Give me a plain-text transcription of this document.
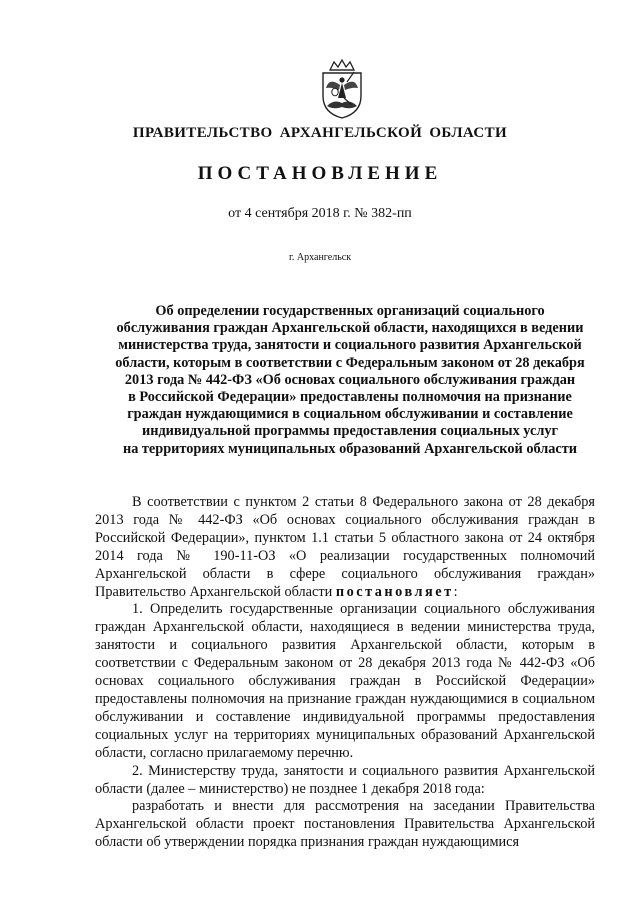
ПРАВИТЕЛЬСТВО АРХАНГЕЛЬСКОЙ ОБЛАСТИ
ПОСТАНОВЛЕНИЕ
от 4 сентября 2018 г. № 382-пп
г. Архангельск
Об определении государственных организаций социального
обслуживания граждан Архангельской области, находящихся в ведении
министерства труда, занятости и социального развития Архангельской
области, которым в соответствии с Федеральным законом от 28 декабря
2013 года № 442-ФЗ «Об основах социального обслуживания граждан
в Российской Федерации» предоставлены полномочия на признание
граждан нуждающимися в социальном обслуживании и составление
индивидуальной программы предоставления социальных услуг
на территориях муниципальных образований Архангельской области

В соответствии с пунктом 2 статьи 8 Федерального закона от 28 декабря 2013 года № 442-ФЗ «Об основах социального обслуживания граждан в Российской Федерации», пунктом 1.1 статьи 5 областного закона от 24 октября 2014 года № 190-11-ОЗ «О реализации государственных полномочий Архангельской области в сфере социального обслуживания граждан» Правительство Архангельской области постановляет:

1. Определить государственные организации социального обслуживания граждан Архангельской области, находящиеся в ведении министерства труда, занятости и социального развития Архангельской области, которым в соответствии с Федеральным законом от 28 декабря 2013 года № 442-ФЗ «Об основах социального обслуживания граждан в Российской Федерации» предоставлены полномочия на признание граждан нуждающимися в социальном обслуживании и составление индивидуальной программы предоставления социальных услуг на территориях муниципальных образований Архангельской области, согласно прилагаемому перечню.

2. Министерству труда, занятости и социального развития Архангельской области (далее – министерство) не позднее 1 декабря 2018 года:

разработать и внести для рассмотрения на заседании Правительства Архангельской области проект постановления Правительства Архангельской области об утверждении порядка признания граждан нуждающимися
